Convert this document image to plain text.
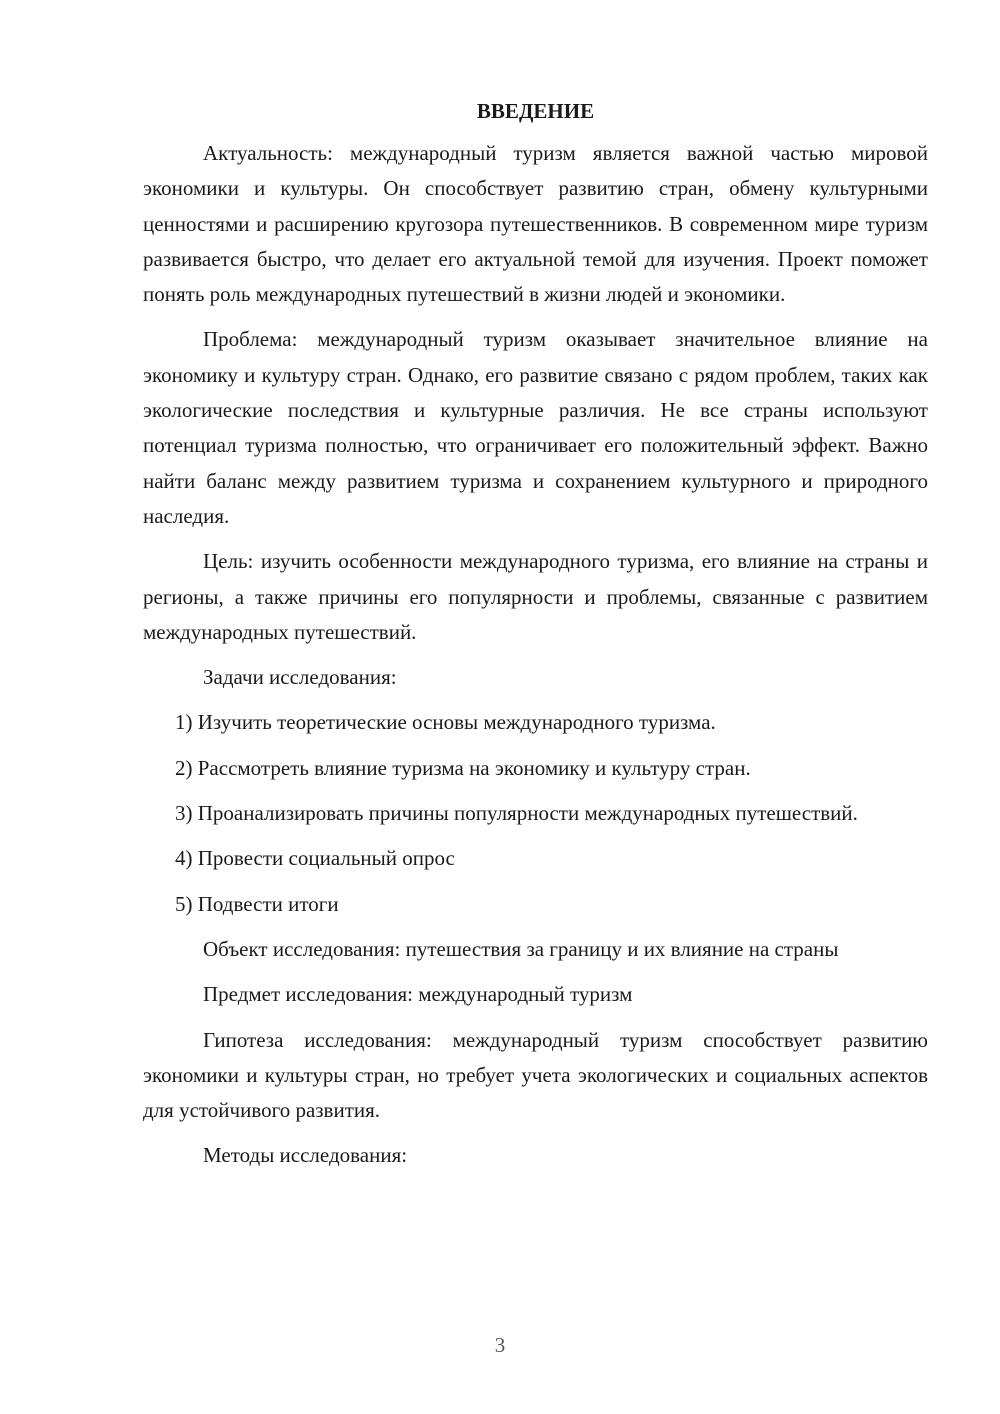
ВВЕДЕНИЕ
Актуальность: международный туризм является важной частью мировой экономики и культуры. Он способствует развитию стран, обмену культурными ценностями и расширению кругозора путешественников. В современном мире туризм развивается быстро, что делает его актуальной темой для изучения. Проект поможет понять роль международных путешествий в жизни людей и экономики.
Проблема: международный туризм оказывает значительное влияние на экономику и культуру стран. Однако, его развитие связано с рядом проблем, таких как экологические последствия и культурные различия. Не все страны используют потенциал туризма полностью, что ограничивает его положительный эффект. Важно найти баланс между развитием туризма и сохранением культурного и природного наследия.
Цель: изучить особенности международного туризма, его влияние на страны и регионы, а также причины его популярности и проблемы, связанные с развитием международных путешествий.
Задачи исследования:
1) Изучить теоретические основы международного туризма.
2) Рассмотреть влияние туризма на экономику и культуру стран.
3) Проанализировать причины популярности международных путешествий.
4) Провести социальный опрос
5) Подвести итоги
Объект исследования: путешествия за границу и их влияние на страны
Предмет исследования: международный туризм
Гипотеза исследования: международный туризм способствует развитию экономики и культуры стран, но требует учета экологических и социальных аспектов для устойчивого развития.
Методы исследования:
3
